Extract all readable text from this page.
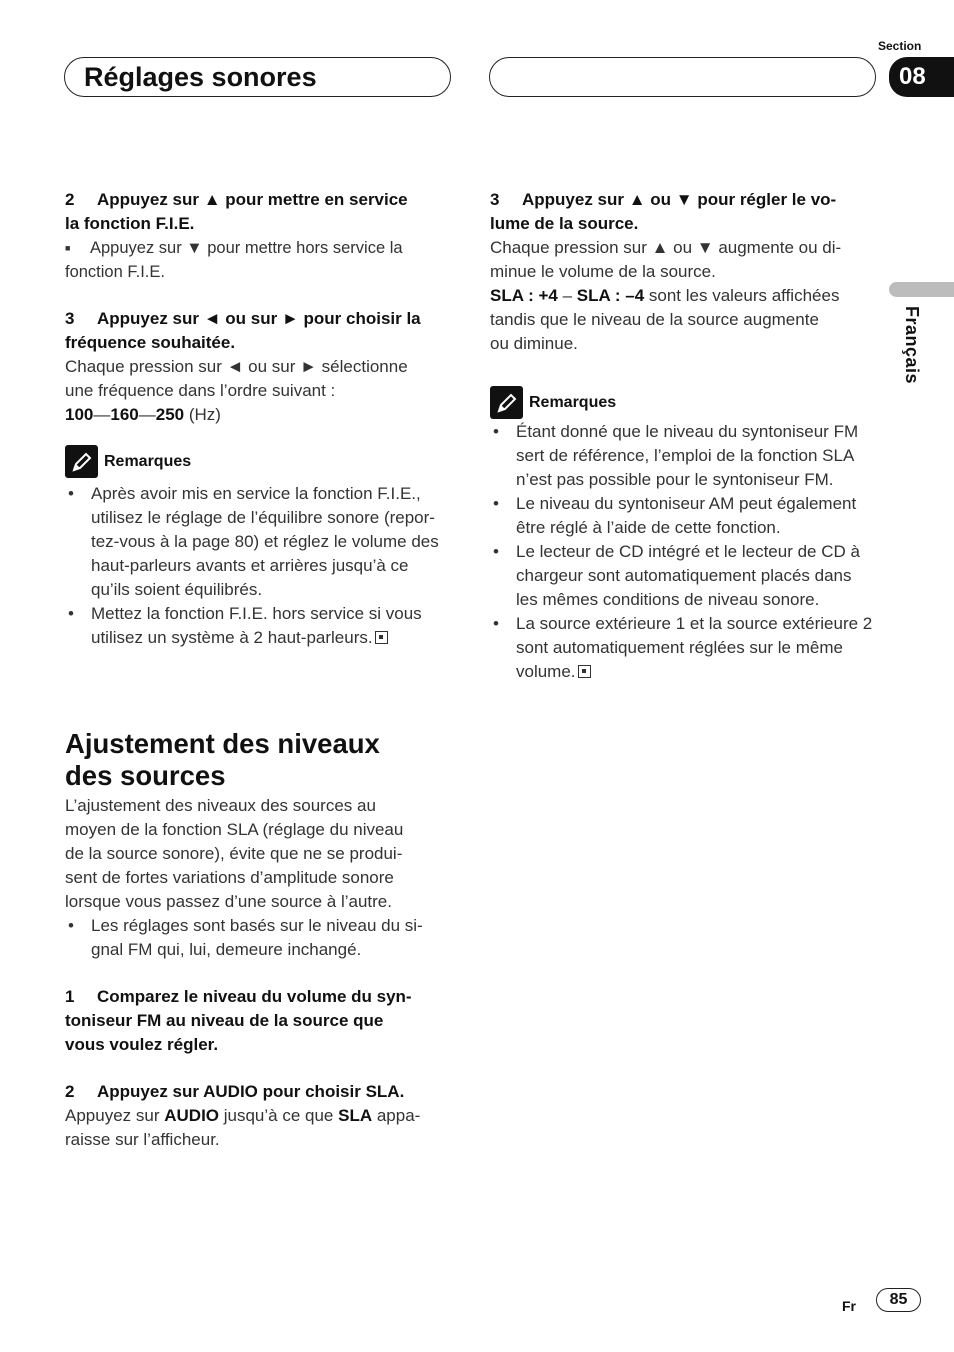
Réglages sonores
Section
08
Français

2 Appuyez sur ▲ pour mettre en service

la fonction F.I.E.

■ Appuyez sur ▼ pour mettre hors service la

fonction F.I.E.

3 Appuyez sur ◄ ou sur ► pour choisir la

fréquence souhaitée.

Chaque pression sur ◄ ou sur ► sélectionne

une fréquence dans l’ordre suivant :

100—160—250 (Hz)

Remarques
• Après avoir mis en service la fonction F.I.E.,
utilisez le réglage de l’équilibre sonore (repor-
tez-vous à la page 80) et réglez le volume des
haut-parleurs avants et arrières jusqu’à ce
qu’ils soient équilibrés.
• Mettez la fonction F.I.E. hors service si vous
utilisez un système à 2 haut-parleurs.

Ajustement des niveaux

des sources

L’ajustement des niveaux des sources au

moyen de la fonction SLA (réglage du niveau

de la source sonore), évite que ne se produi-

sent de fortes variations d’amplitude sonore

lorsque vous passez d’une source à l’autre.

• Les réglages sont basés sur le niveau du si-
gnal FM qui, lui, demeure inchangé.

1 Comparez le niveau du volume du syn-

toniseur FM au niveau de la source que

vous voulez régler.

2 Appuyez sur AUDIO pour choisir SLA.

Appuyez sur AUDIO jusqu’à ce que SLA appa-

raisse sur l’afficheur.

3 Appuyez sur ▲ ou ▼ pour régler le vo-

lume de la source.

Chaque pression sur ▲ ou ▼ augmente ou di-

minue le volume de la source.

SLA : +4 – SLA : –4 sont les valeurs affichées

tandis que le niveau de la source augmente

ou diminue.

Remarques
• Étant donné que le niveau du syntoniseur FM
sert de référence, l’emploi de la fonction SLA
n’est pas possible pour le syntoniseur FM.
• Le niveau du syntoniseur AM peut également
être réglé à l’aide de cette fonction.
• Le lecteur de CD intégré et le lecteur de CD à
chargeur sont automatiquement placés dans
les mêmes conditions de niveau sonore.
• La source extérieure 1 et la source extérieure 2
sont automatiquement réglées sur le même
volume.
Fr	85
